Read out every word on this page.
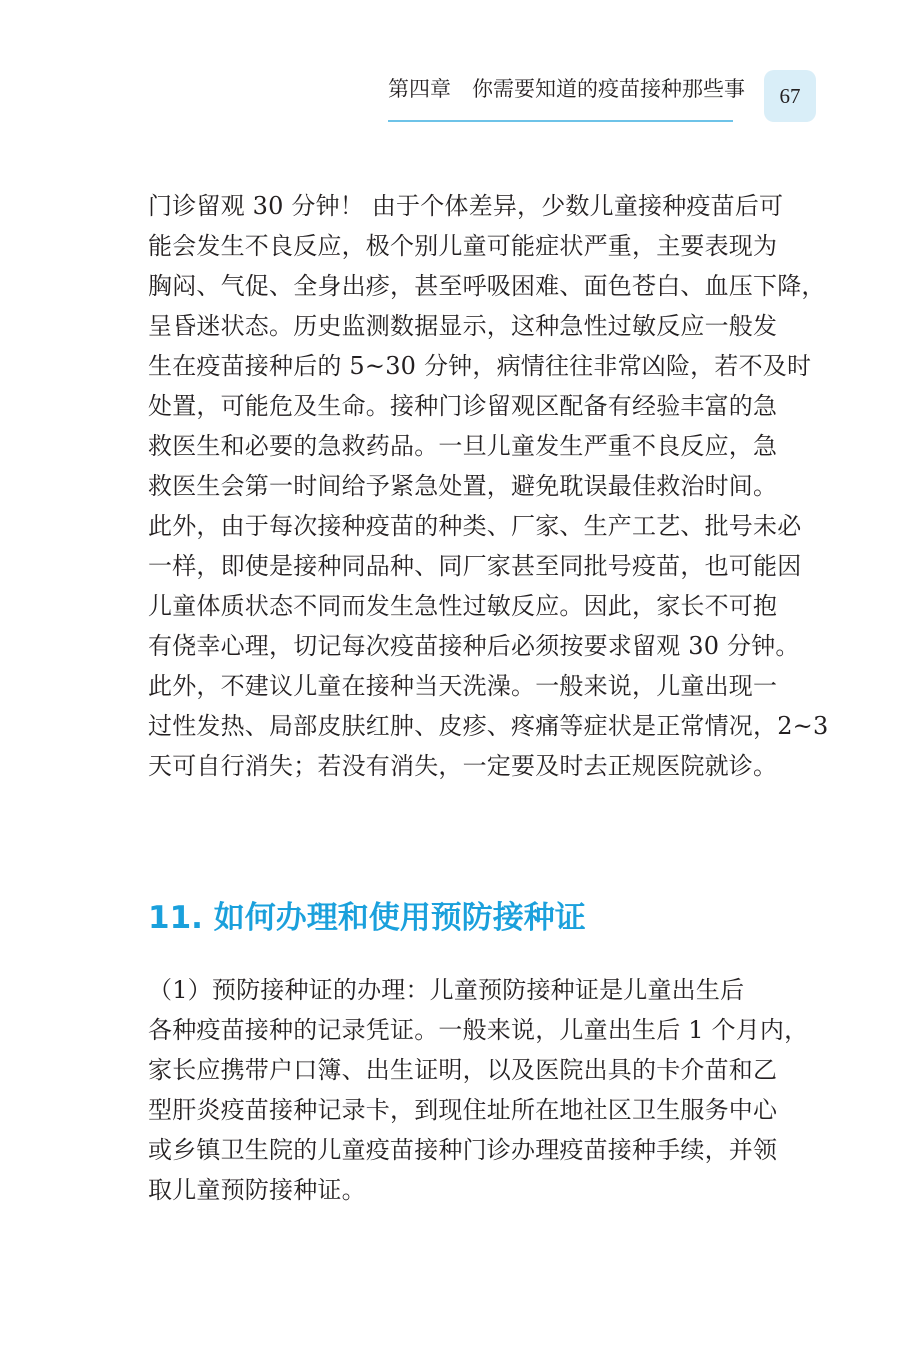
第四章　你需要知道的疫苗接种那些事	67
门诊留观 30 分钟！ 由于个体差异，少数儿童接种疫苗后可
能会发生不良反应，极个别儿童可能症状严重，主要表现为
胸闷、气促、全身出疹，甚至呼吸困难、面色苍白、血压下降，
呈昏迷状态。历史监测数据显示，这种急性过敏反应一般发
生在疫苗接种后的 5~30 分钟，病情往往非常凶险，若不及时
处置，可能危及生命。接种门诊留观区配备有经验丰富的急
救医生和必要的急救药品。一旦儿童发生严重不良反应，急
救医生会第一时间给予紧急处置，避免耽误最佳救治时间。
此外，由于每次接种疫苗的种类、厂家、生产工艺、批号未必
一样，即使是接种同品种、同厂家甚至同批号疫苗，也可能因
儿童体质状态不同而发生急性过敏反应。因此，家长不可抱
有侥幸心理，切记每次疫苗接种后必须按要求留观 30 分钟。
此外，不建议儿童在接种当天洗澡。一般来说，儿童出现一
过性发热、局部皮肤红肿、皮疹、疼痛等症状是正常情况，2~3
天可自行消失；若没有消失，一定要及时去正规医院就诊。
11. 如何办理和使用预防接种证
（1）预防接种证的办理：儿童预防接种证是儿童出生后
各种疫苗接种的记录凭证。一般来说，儿童出生后 1 个月内，
家长应携带户口簿、出生证明，以及医院出具的卡介苗和乙
型肝炎疫苗接种记录卡，到现住址所在地社区卫生服务中心
或乡镇卫生院的儿童疫苗接种门诊办理疫苗接种手续，并领
取儿童预防接种证。
